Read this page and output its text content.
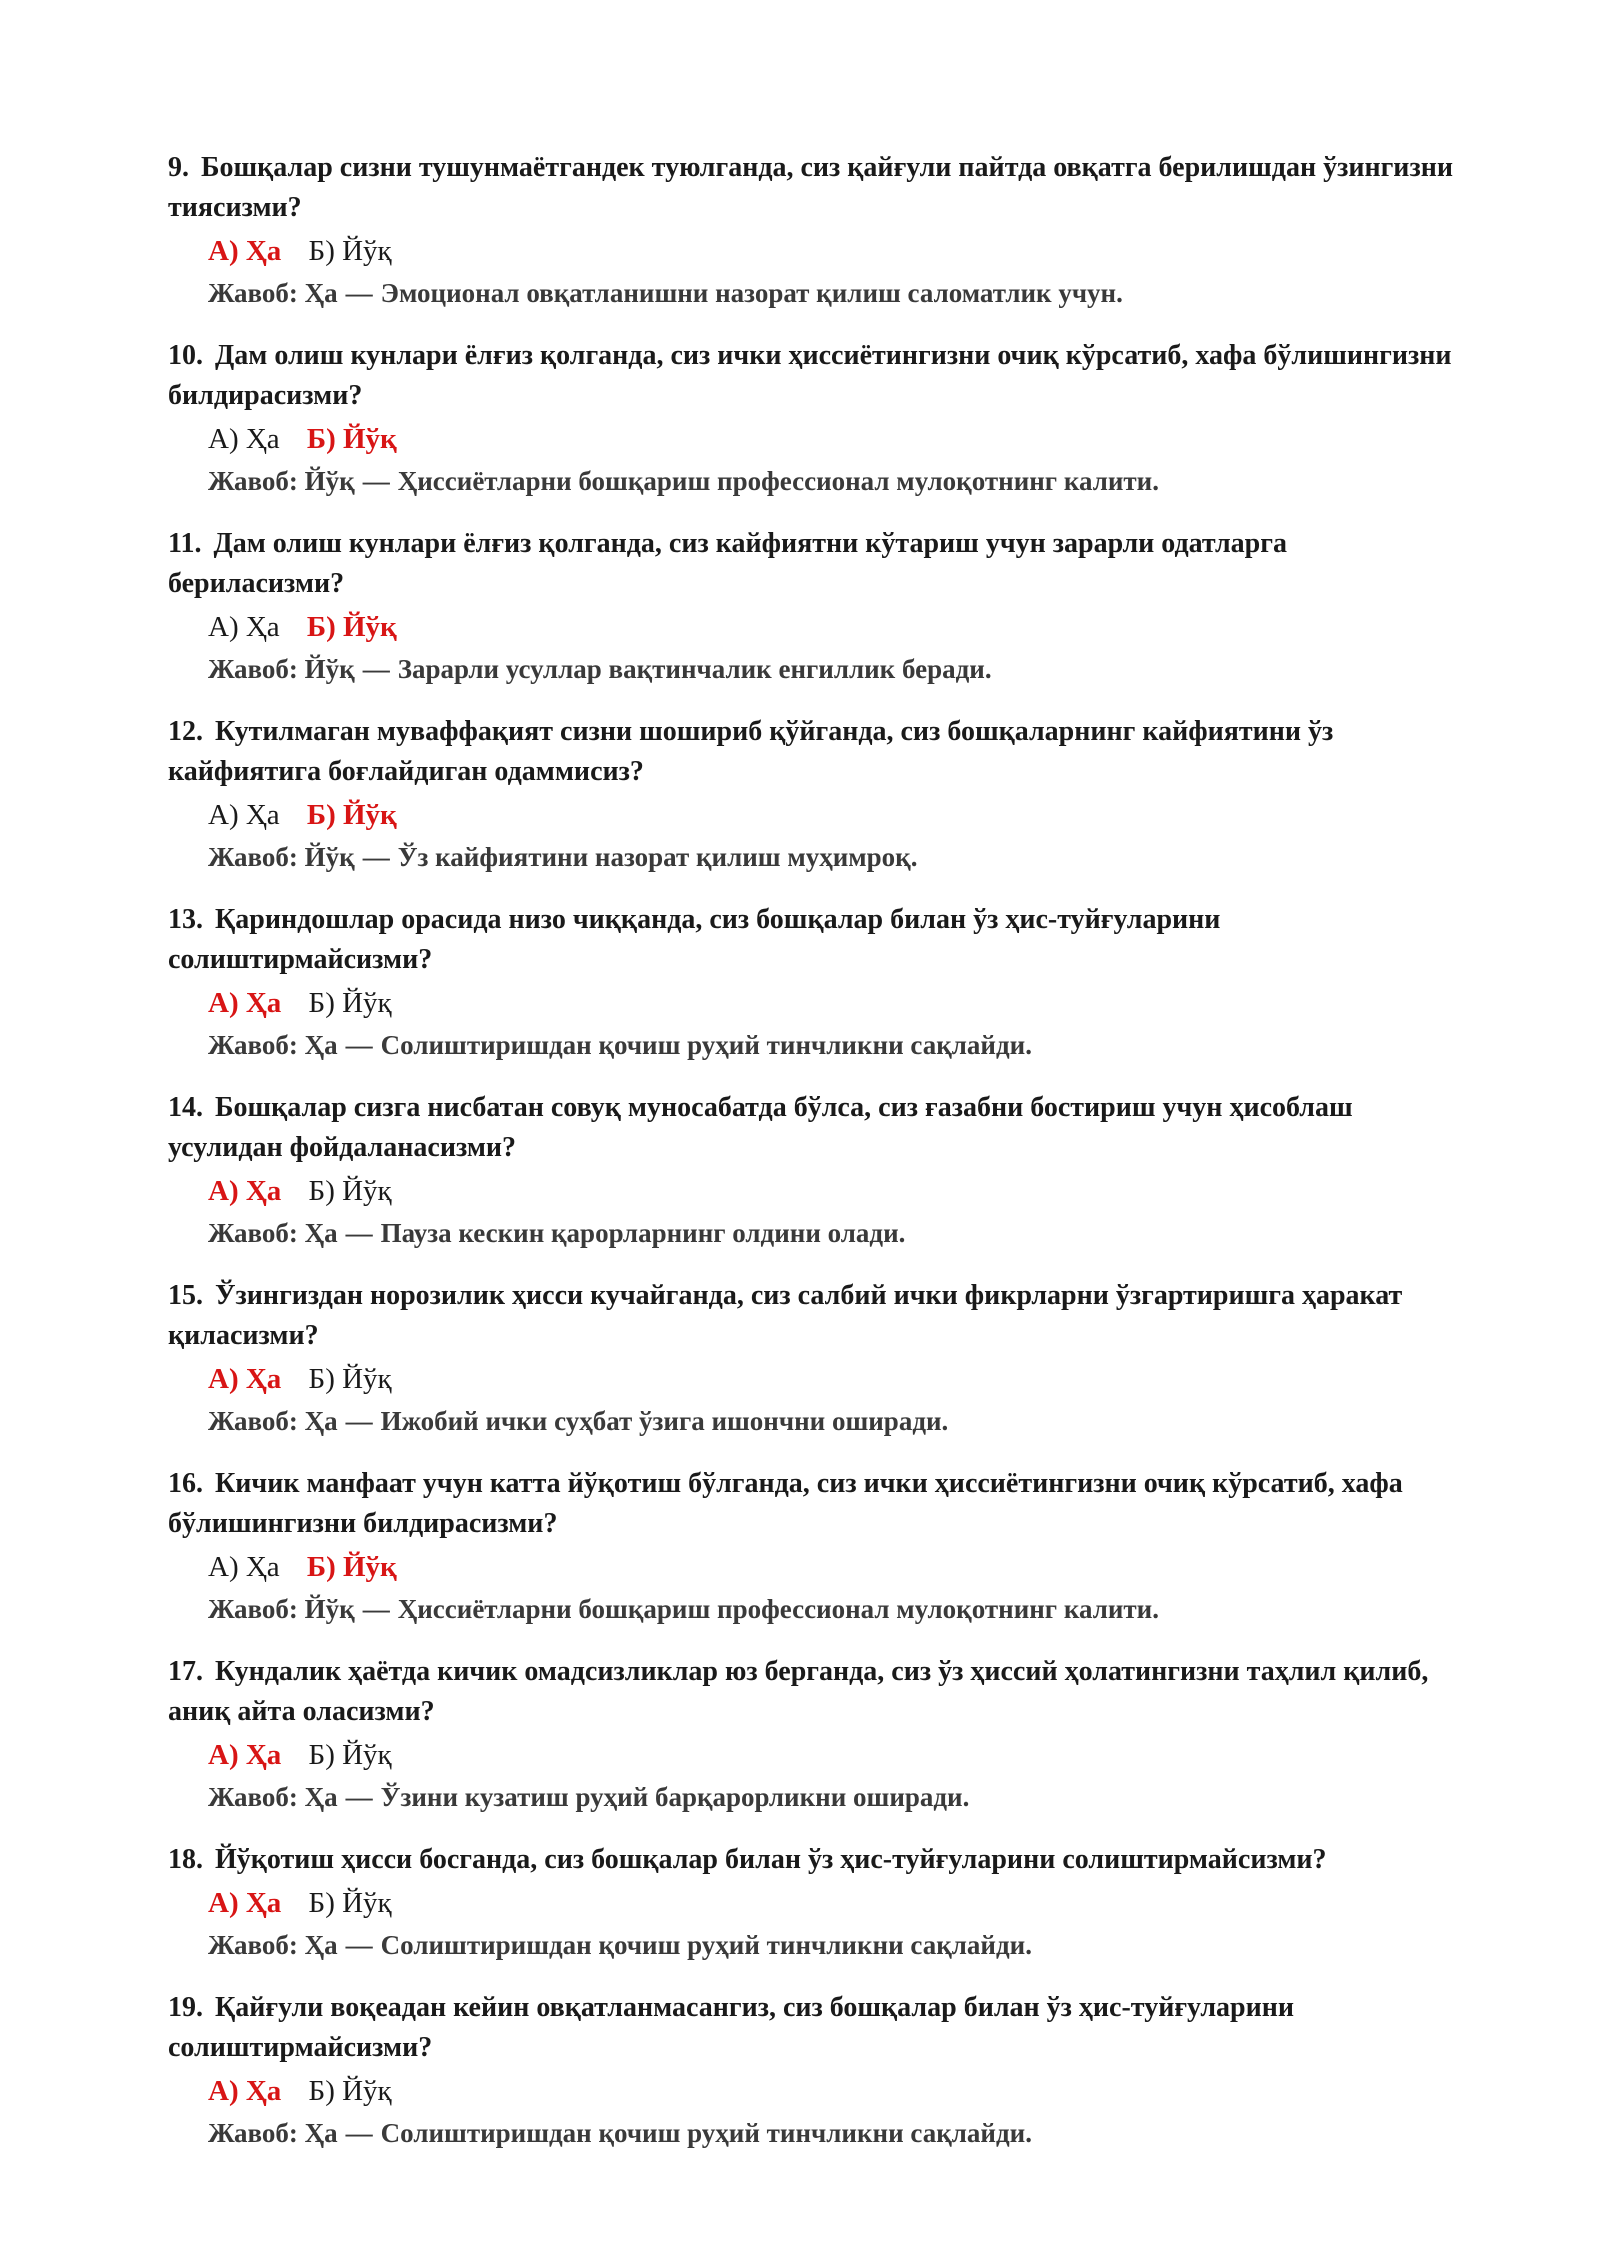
9. Бошқалар сизни тушунмаётгандек туюлганда, сиз қайғули пайтда овқатга берилишдан ўзингизни тиясизми?

А) Ҳа Б) Йўқ
Жавоб: Ҳа — Эмоционал овқатланишни назорат қилиш саломатлик учун.

10. Дам олиш кунлари ёлғиз қолганда, сиз ички ҳиссиётингизни очиқ кўрсатиб, хафа бўлишингизни билдирасизми?

А) Ҳа Б) Йўқ
Жавоб: Йўқ — Ҳиссиётларни бошқариш профессионал мулоқотнинг калити.

11. Дам олиш кунлари ёлғиз қолганда, сиз кайфиятни кўтариш учун зарарли одатларга бериласизми?

А) Ҳа Б) Йўқ
Жавоб: Йўқ — Зарарли усуллар вақтинчалик енгиллик беради.

12. Кутилмаган муваффақият сизни шошириб қўйганда, сиз бошқаларнинг кайфиятини ўз кайфиятига боғлайдиган одаммисиз?

А) Ҳа Б) Йўқ
Жавоб: Йўқ — Ўз кайфиятини назорат қилиш муҳимроқ.

13. Қариндошлар орасида низо чиққанда, сиз бошқалар билан ўз ҳис-туйғуларини солиштирмайсизми?

А) Ҳа Б) Йўқ
Жавоб: Ҳа — Солиштиришдан қочиш руҳий тинчликни сақлайди.

14. Бошқалар сизга нисбатан совуқ муносабатда бўлса, сиз ғазабни бостириш учун ҳисоблаш усулидан фойдаланасизми?

А) Ҳа Б) Йўқ
Жавоб: Ҳа — Пауза кескин қарорларнинг олдини олади.

15. Ўзингиздан норозилик ҳисси кучайганда, сиз салбий ички фикрларни ўзгартиришга ҳаракат қиласизми?

А) Ҳа Б) Йўқ
Жавоб: Ҳа — Ижобий ички суҳбат ўзига ишончни оширади.

16. Кичик манфаат учун катта йўқотиш бўлганда, сиз ички ҳиссиётингизни очиқ кўрсатиб, хафа бўлишингизни билдирасизми?

А) Ҳа Б) Йўқ
Жавоб: Йўқ — Ҳиссиётларни бошқариш профессионал мулоқотнинг калити.

17. Кундалик ҳаётда кичик омадсизликлар юз берганда, сиз ўз ҳиссий ҳолатингизни таҳлил қилиб, аниқ айта оласизми?

А) Ҳа Б) Йўқ
Жавоб: Ҳа — Ўзини кузатиш руҳий барқарорликни оширади.

18. Йўқотиш ҳисси босганда, сиз бошқалар билан ўз ҳис-туйғуларини солиштирмайсизми?

А) Ҳа Б) Йўқ
Жавоб: Ҳа — Солиштиришдан қочиш руҳий тинчликни сақлайди.

19. Қайғули воқеадан кейин овқатланмасангиз, сиз бошқалар билан ўз ҳис-туйғуларини солиштирмайсизми?

А) Ҳа Б) Йўқ
Жавоб: Ҳа — Солиштиришдан қочиш руҳий тинчликни сақлайди.
